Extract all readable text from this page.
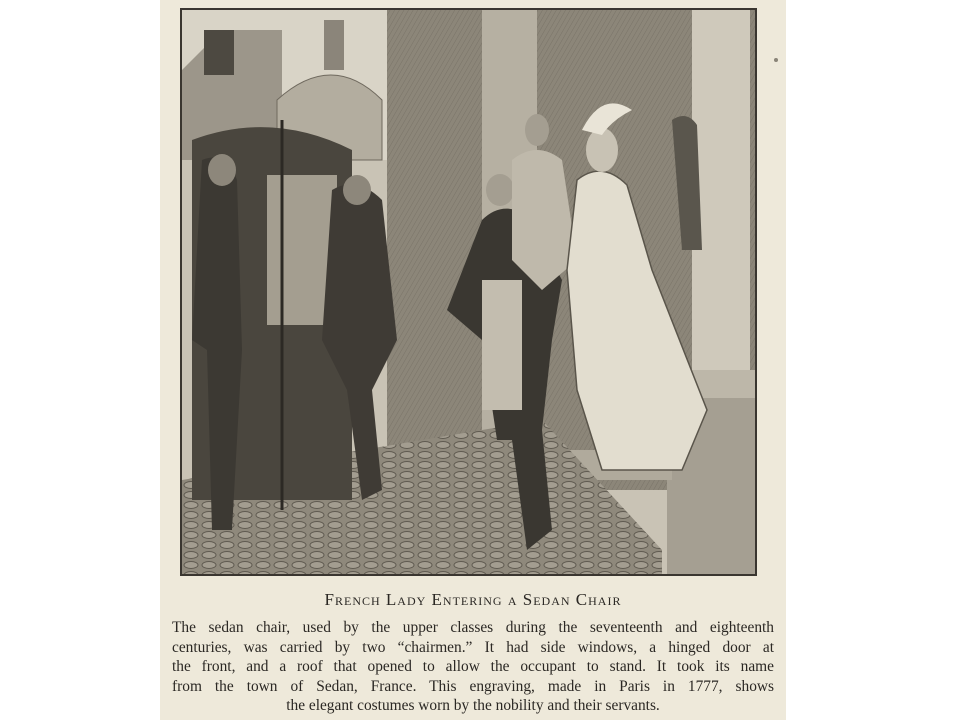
French Lady Entering a Sedan Chair
The sedan chair, used by the upper classes during the seventeenth and eighteenth
centuries, was carried by two “chairmen.” It had side windows, a hinged door at
the front, and a roof that opened to allow the occupant to stand. It took its name
from the town of Sedan, France. This engraving, made in Paris in 1777, shows
the elegant costumes worn by the nobility and their servants.
